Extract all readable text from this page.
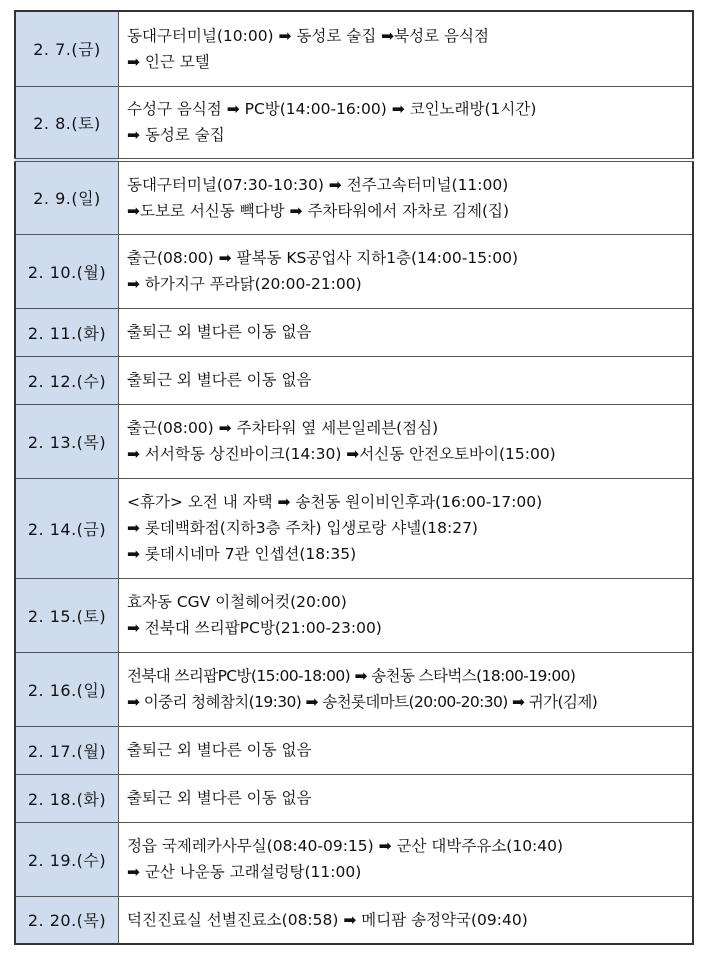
2. 7.(금)	동대구터미널(10:00) ➡ 동성로 술집 ➡북성로 음식점
➡ 인근 모텔

2. 8.(토)	수성구 음식점 ➡ PC방(14:00-16:00) ➡ 코인노래방(1시간)
➡ 동성로 술집

2. 9.(일)	동대구터미널(07:30-10:30) ➡ 전주고속터미널(11:00)
➡도보로 서신동 빽다방 ➡ 주차타워에서 자차로 김제(집)

2. 10.(월)	출근(08:00) ➡ 팔복동 KS공업사 지하1층(14:00-15:00)
➡ 하가지구 푸라닭(20:00-21:00)

2. 11.(화)	출퇴근 외 별다른 이동 없음

2. 12.(수)	출퇴근 외 별다른 이동 없음

2. 13.(목)	출근(08:00) ➡ 주차타워 옆 세븐일레븐(점심)
➡ 서서학동 상진바이크(14:30) ➡서신동 안전오토바이(15:00)

2. 14.(금)	<휴가> 오전 내 자택 ➡ 송천동 원이비인후과(16:00-17:00)
➡ 롯데백화점(지하3층 주차) 입생로랑 샤넬(18:27)
➡ 롯데시네마 7관 인셉션(18:35)

2. 15.(토)	효자동 CGV 이철헤어컷(20:00)
➡ 전북대 쓰리팝PC방(21:00-23:00)

2. 16.(일)	전북대 쓰리팝PC방(15:00-18:00) ➡ 송천동 스타벅스(18:00-19:00)
➡ 이중리 청혜참치(19:30) ➡ 송천롯데마트(20:00-20:30) ➡ 귀가(김제)

2. 17.(월)	출퇴근 외 별다른 이동 없음

2. 18.(화)	출퇴근 외 별다른 이동 없음

2. 19.(수)	정읍 국제레카사무실(08:40-09:15) ➡ 군산 대박주유소(10:40)
➡ 군산 나운동 고래설렁탕(11:00)

2. 20.(목)	덕진진료실 선별진료소(08:58) ➡ 메디팜 송정약국(09:40)
